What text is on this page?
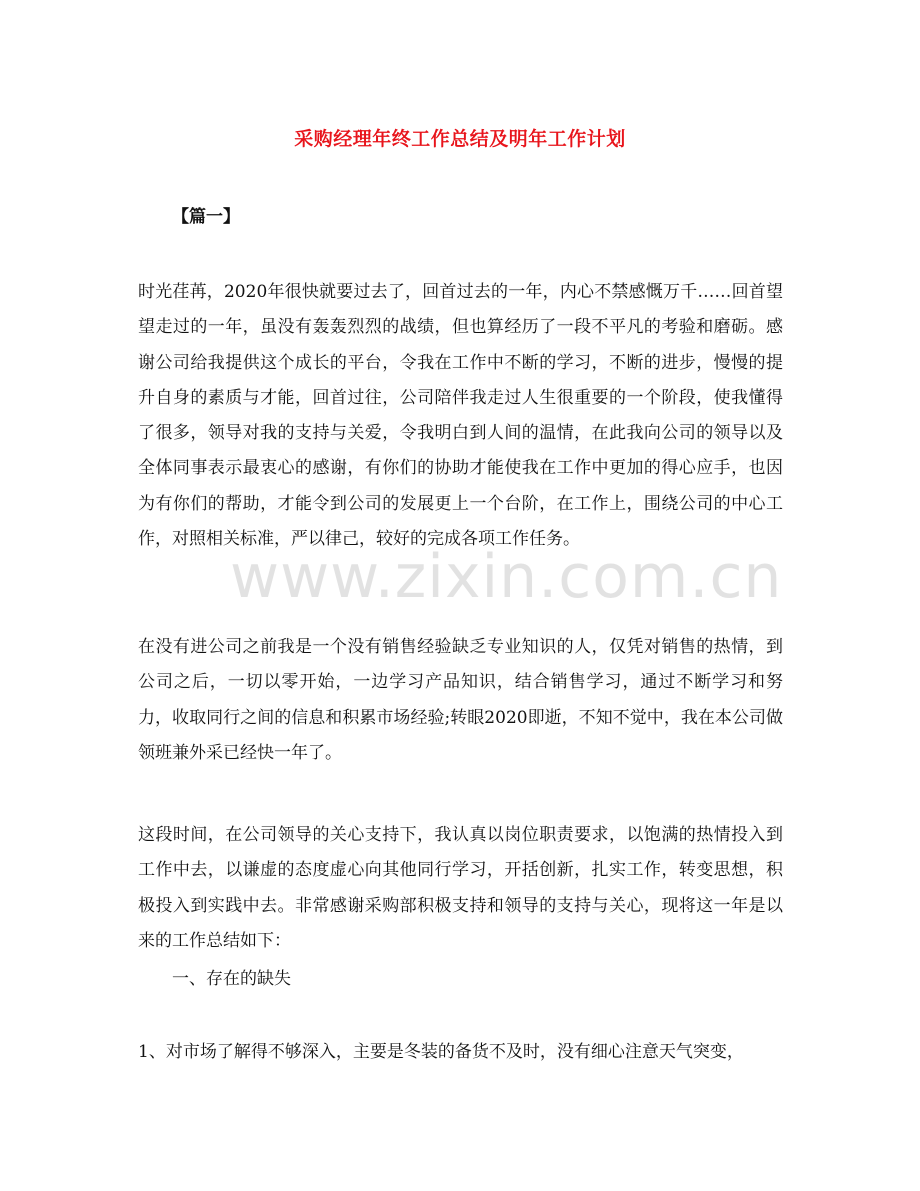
采购经理年终工作总结及明年工作计划
【篇一】

时光荏苒，2020年很快就要过去了，回首过去的一年，内心不禁感慨万千……回首望望走过的一年，虽没有轰轰烈烈的战绩，但也算经历了一段不平凡的考验和磨砺。感谢公司给我提供这个成长的平台，令我在工作中不断的学习，不断的进步，慢慢的提升自身的素质与才能，回首过往，公司陪伴我走过人生很重要的一个阶段，使我懂得了很多，领导对我的支持与关爱，令我明白到人间的温情，在此我向公司的领导以及全体同事表示最衷心的感谢，有你们的协助才能使我在工作中更加的得心应手，也因为有你们的帮助，才能令到公司的发展更上一个台阶，在工作上，围绕公司的中心工作，对照相关标准，严以律己，较好的完成各项工作任务。

在没有进公司之前我是一个没有销售经验缺乏专业知识的人，仅凭对销售的热情，到公司之后，一切以零开始，一边学习产品知识，结合销售学习，通过不断学习和努力，收取同行之间的信息和积累市场经验;转眼2020即逝，不知不觉中，我在本公司做领班兼外采已经快一年了。

这段时间，在公司领导的关心支持下，我认真以岗位职责要求，以饱满的热情投入到工作中去，以谦虚的态度虚心向其他同行学习，开括创新，扎实工作，转变思想，积极投入到实践中去。非常感谢采购部积极支持和领导的支持与关心，现将这一年是以来的工作总结如下：

一、存在的缺失
1、对市场了解得不够深入，主要是冬装的备货不及时，没有细心注意天气突变，
www.zixin.com.cn
